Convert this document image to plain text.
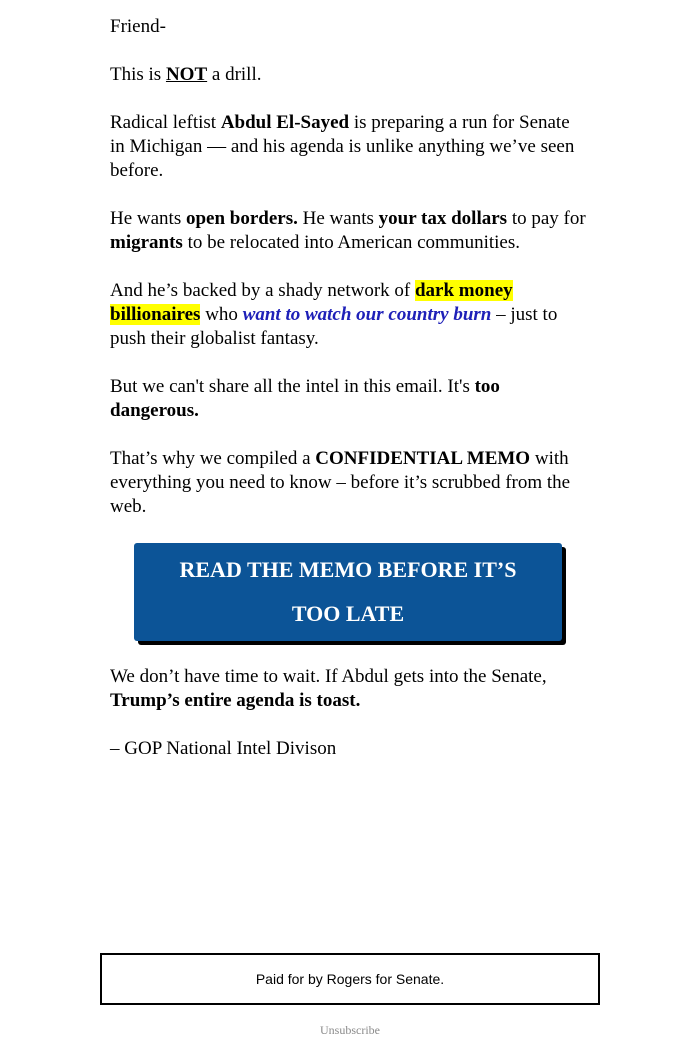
Friend-

This is NOT a drill.

Radical leftist Abdul El-Sayed is preparing a run for Senate in Michigan — and his agenda is unlike anything we’ve seen before.

He wants open borders. He wants your tax dollars to pay for migrants to be relocated into American communities.

And he’s backed by a shady network of dark money billionaires who want to watch our country burn – just to push their globalist fantasy.

But we can't share all the intel in this email. It's too dangerous.

That’s why we compiled a CONFIDENTIAL MEMO with everything you need to know – before it’s scrubbed from the web.

READ THE MEMO BEFORE IT’S
TOO LATE

We don’t have time to wait. If Abdul gets into the Senate, Trump’s entire agenda is toast.

– GOP National Intel Divison

Paid for by Rogers for Senate.
Unsubscribe
